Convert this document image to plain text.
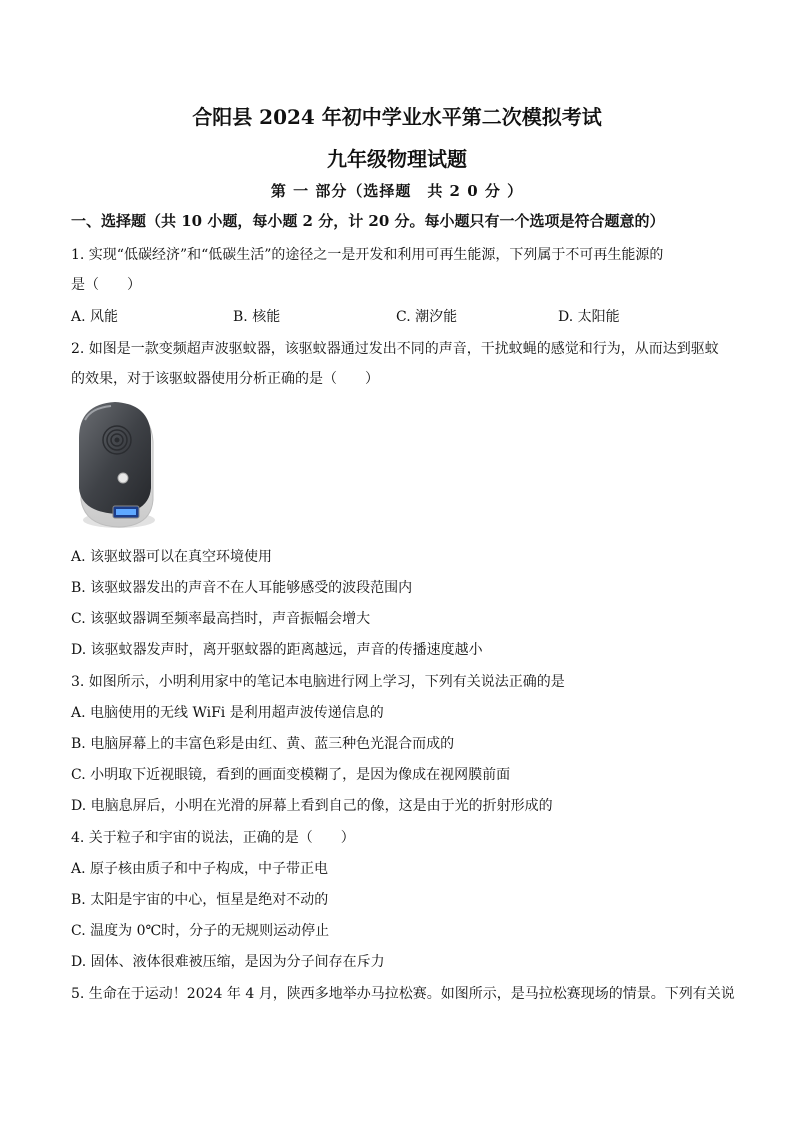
合阳县 2024 年初中学业水平第二次模拟考试
九年级物理试题
第 一 部分（选择题　共 2 0 分 ）
一、选择题（共 10 小题，每小题 2 分，计 20 分。每小题只有一个选项是符合题意的）
1. 实现“低碳经济”和“低碳生活”的途径之一是开发和利用可再生能源，下列属于不可再生能源的
是（　　）
A. 风能	B. 核能	C. 潮汐能	D. 太阳能
2. 如图是一款变频超声波驱蚊器，该驱蚊器通过发出不同的声音，干扰蚊蝇的感觉和行为，从而达到驱蚊
的效果，对于该驱蚊器使用分析正确的是（　　）
A. 该驱蚊器可以在真空环境使用
B. 该驱蚊器发出的声音不在人耳能够感受的波段范围内
C. 该驱蚊器调至频率最高挡时，声音振幅会增大
D. 该驱蚊器发声时，离开驱蚊器的距离越远，声音的传播速度越小
3. 如图所示，小明利用家中的笔记本电脑进行网上学习，下列有关说法正确的是
A. 电脑使用的无线 WiFi 是利用超声波传递信息的
B. 电脑屏幕上的丰富色彩是由红、黄、蓝三种色光混合而成的
C. 小明取下近视眼镜，看到的画面变模糊了，是因为像成在视网膜前面
D. 电脑息屏后，小明在光滑的屏幕上看到自己的像，这是由于光的折射形成的
4. 关于粒子和宇宙的说法，正确的是（　　）
A. 原子核由质子和中子构成，中子带正电
B. 太阳是宇宙的中心，恒星是绝对不动的
C. 温度为 0℃时，分子的无规则运动停止
D. 固体、液体很难被压缩，是因为分子间存在斥力
5. 生命在于运动！2024 年 4 月，陕西多地举办马拉松赛。如图所示，是马拉松赛现场的情景。下列有关说
